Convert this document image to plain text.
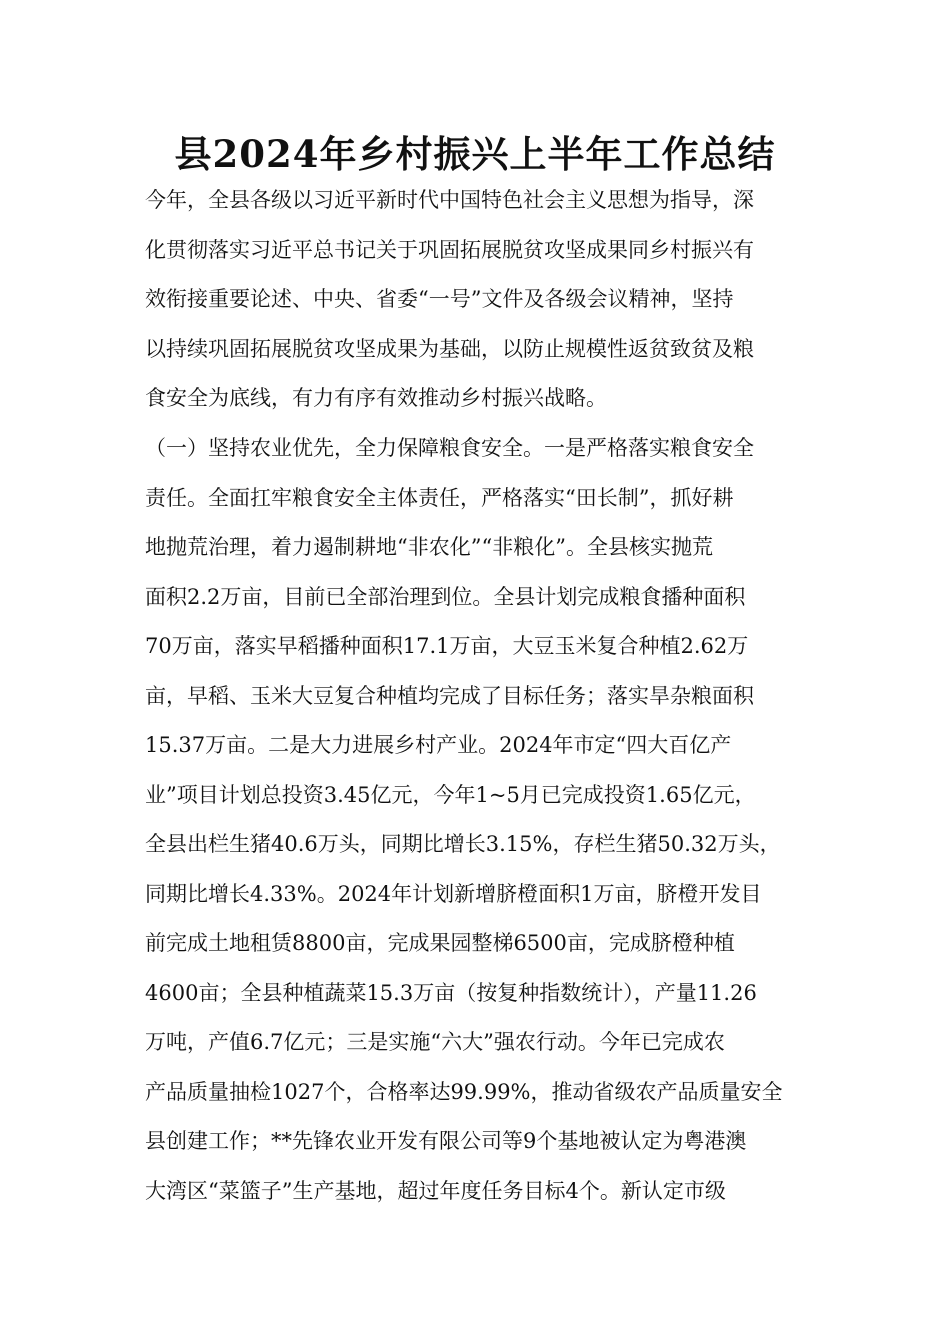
县2024年乡村振兴上半年工作总结
今年，全县各级以习近平新时代中国特色社会主义思想为指导，深
化贯彻落实习近平总书记关于巩固拓展脱贫攻坚成果同乡村振兴有
效衔接重要论述、中央、省委“一号”文件及各级会议精神，坚持
以持续巩固拓展脱贫攻坚成果为基础，以防止规模性返贫致贫及粮
食安全为底线，有力有序有效推动乡村振兴战略。
（一）坚持农业优先，全力保障粮食安全。一是严格落实粮食安全
责任。全面扛牢粮食安全主体责任，严格落实“田长制”，抓好耕
地抛荒治理，着力遏制耕地“非农化”“非粮化”。全县核实抛荒
面积2.2万亩，目前已全部治理到位。全县计划完成粮食播种面积
70万亩，落实早稻播种面积17.1万亩，大豆玉米复合种植2.62万
亩，早稻、玉米大豆复合种植均完成了目标任务；落实旱杂粮面积
15.37万亩。二是大力进展乡村产业。2024年市定“四大百亿产
业”项目计划总投资3.45亿元，今年1~5月已完成投资1.65亿元，
全县出栏生猪40.6万头，同期比增长3.15%，存栏生猪50.32万头，
同期比增长4.33%。2024年计划新增脐橙面积1万亩，脐橙开发目
前完成土地租赁8800亩，完成果园整梯6500亩，完成脐橙种植
4600亩；全县种植蔬菜15.3万亩（按复种指数统计），产量11.26
万吨，产值6.7亿元；三是实施“六大”强农行动。今年已完成农
产品质量抽检1027个，合格率达99.99%，推动省级农产品质量安全
县创建工作；**先锋农业开发有限公司等9个基地被认定为粤港澳
大湾区“菜篮子”生产基地，超过年度任务目标4个。新认定市级
